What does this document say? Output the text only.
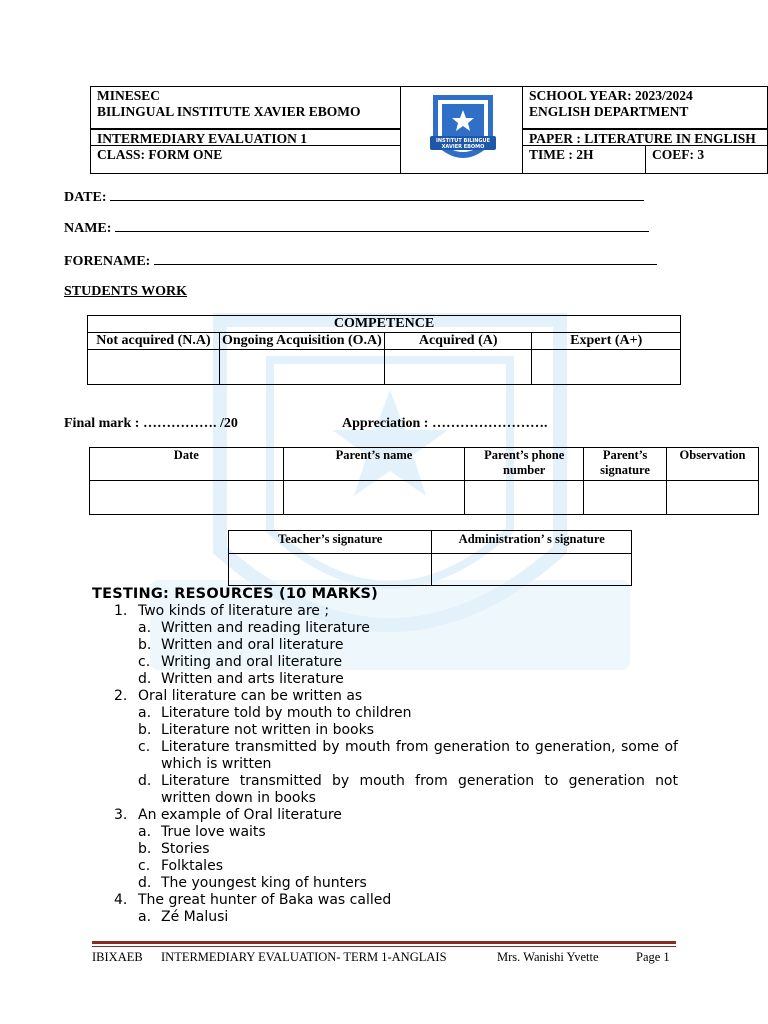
MINESEC
BILINGUAL INSTITUTE XAVIER EBOMO
INTERMEDIARY EVALUATION 1
CLASS: FORM ONE
SCHOOL YEAR: 2023/2024
ENGLISH DEPARTMENT
PAPER : LITERATURE IN ENGLISH
TIME : 2H	COEF: 3
INSTITUT BILINGUE
XAVIER EBOMO
DATE:
NAME:
FORENAME:
STUDENTS WORK
COMPETENCE			
Not acquired (N.A)	Ongoing Acquisition (O.A)	Acquired (A)	Expert (A+)

Final mark : ……………. /20	Appreciation : …………………….
Date	Parent’s name	Parent’s phone number	Parent’s signature	Observation

Teacher’s signature	Administration’ s signature

TESTING: RESOURCES (10 MARKS)
1. Two kinds of literature are ;
a. Written and reading literature
b. Written and oral literature
c. Writing and oral literature
d. Written and arts literature
2. Oral literature can be written as
a. Literature told by mouth to children
b. Literature not written in books
c. Literature transmitted by mouth from generation to generation, some of which is written
d. Literature transmitted by mouth from generation to generation not written down in books
3. An example of Oral literature
a. True love waits
b. Stories
c. Folktales
d. The youngest king of hunters
4. The great hunter of Baka was called
a. Zé Malusi
IBIXAEB INTERMEDIARY EVALUATION- TERM 1-ANGLAIS	Mrs. Wanishi Yvette	Page 1
